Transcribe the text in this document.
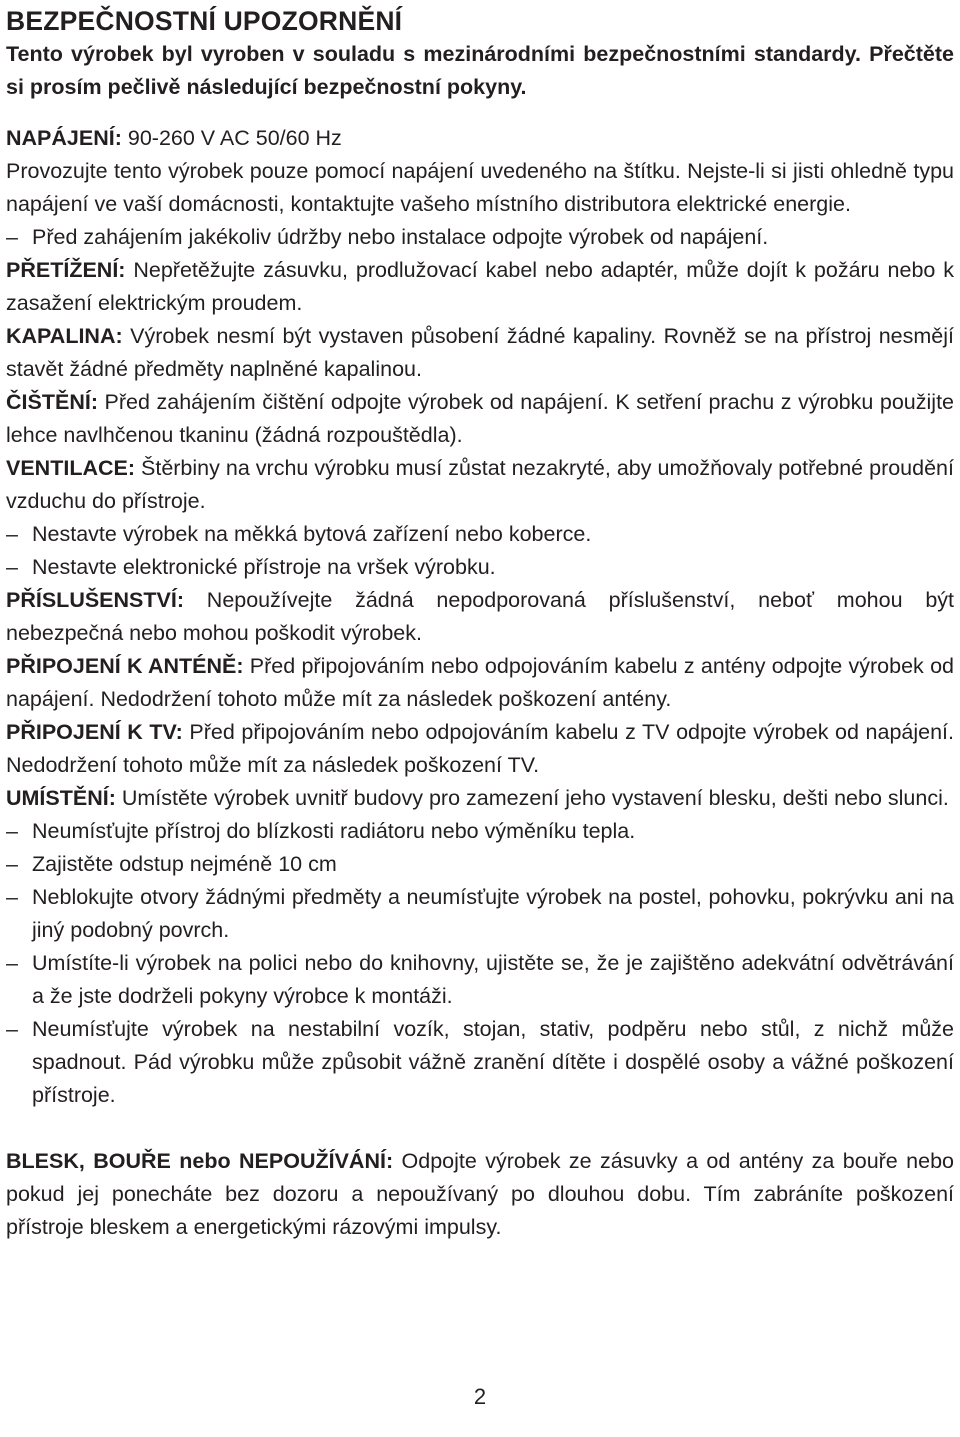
BEZPEČNOSTNÍ UPOZORNĚNÍ

Tento výrobek byl vyroben v souladu s mezinárodními bezpečnostními standardy. Přečtěte si prosím pečlivě následující bezpečnostní pokyny.

NAPÁJENÍ: 90-260 V AC 50/60 Hz

Provozujte tento výrobek pouze pomocí napájení uvedeného na štítku. Nejste-li si jisti ohledně typu napájení ve vaší domácnosti, kontaktujte vašeho místního distributora elektrické energie.

– Před zahájením jakékoliv údržby nebo instalace odpojte výrobek od napájení.

PŘETÍŽENÍ: Nepřetěžujte zásuvku, prodlužovací kabel nebo adaptér, může dojít k požáru nebo k zasažení elektrickým proudem.

KAPALINA: Výrobek nesmí být vystaven působení žádné kapaliny. Rovněž se na přístroj nesmějí stavět žádné předměty naplněné kapalinou.

ČIŠTĚNÍ: Před zahájením čištění odpojte výrobek od napájení. K setření prachu z výrobku použijte lehce navlhčenou tkaninu (žádná rozpouštědla).

VENTILACE: Štěrbiny na vrchu výrobku musí zůstat nezakryté, aby umožňovaly potřebné proudění vzduchu do přístroje.

– Nestavte výrobek na měkká bytová zařízení nebo koberce.

– Nestavte elektronické přístroje na vršek výrobku.

PŘÍSLUŠENSTVÍ: Nepoužívejte žádná nepodporovaná příslušenství, neboť mohou být nebezpečná nebo mohou poškodit výrobek.

PŘIPOJENÍ K ANTÉNĚ: Před připojováním nebo odpojováním kabelu z antény odpojte výrobek od napájení. Nedodržení tohoto může mít za následek poškození antény.

PŘIPOJENÍ K TV: Před připojováním nebo odpojováním kabelu z TV odpojte výrobek od napájení. Nedodržení tohoto může mít za následek poškození TV.

UMÍSTĚNÍ: Umístěte výrobek uvnitř budovy pro zamezení jeho vystavení blesku, dešti nebo slunci.

– Neumísťujte přístroj do blízkosti radiátoru nebo výměníku tepla.

– Zajistěte odstup nejméně 10 cm

– Neblokujte otvory žádnými předměty a neumísťujte výrobek na postel, pohovku, pokrývku ani na jiný podobný povrch.

– Umístíte-li výrobek na polici nebo do knihovny, ujistěte se, že je zajištěno adekvátní odvětrávání a že jste dodrželi pokyny výrobce k montáži.

– Neumísťujte výrobek na nestabilní vozík, stojan, stativ, podpěru nebo stůl, z nichž může spadnout. Pád výrobku může způsobit vážně zranění dítěte i dospělé osoby a vážné poškození přístroje.

BLESK, BOUŘE nebo NEPOUŽÍVÁNÍ: Odpojte výrobek ze zásuvky a od antény za bouře nebo pokud jej ponecháte bez dozoru a nepoužívaný po dlouhou dobu. Tím zabráníte poškození přístroje bleskem a energetickými rázovými impulsy.

2
